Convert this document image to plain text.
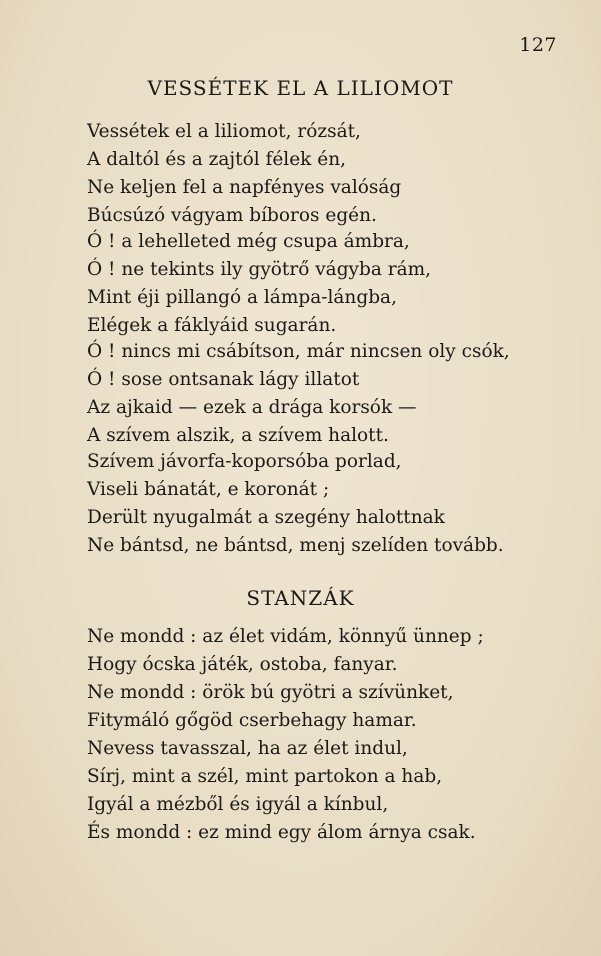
127
VESSÉTEK EL A LILIOMOT
Vessétek el a liliomot, rózsát,
A daltól és a zajtól félek én,
Ne keljen fel a napfényes valóság
Búcsúzó vágyam bíboros egén.
Ó ! a lehelleted még csupa ámbra,
Ó ! ne tekints ily gyötrő vágyba rám,
Mint éji pillangó a lámpa-lángba,
Elégek a fáklyáid sugarán.
Ó ! nincs mi csábítson, már nincsen oly csók,
Ó ! sose ontsanak lágy illatot
Az ajkaid — ezek a drága korsók —
A szívem alszik, a szívem halott.
Szívem jávorfa-koporsóba porlad,
Viseli bánatát, e koronát ;
Derült nyugalmát a szegény halottnak
Ne bántsd, ne bántsd, menj szelíden tovább.
STANZÁK
Ne mondd : az élet vidám, könnyű ünnep ;
Hogy ócska játék, ostoba, fanyar.
Ne mondd : örök bú gyötri a szívünket,
Fitymáló gőgöd cserbehagy hamar.
Nevess tavasszal, ha az élet indul,
Sírj, mint a szél, mint partokon a hab,
Igyál a mézből és igyál a kínbul,
És mondd : ez mind egy álom árnya csak.
